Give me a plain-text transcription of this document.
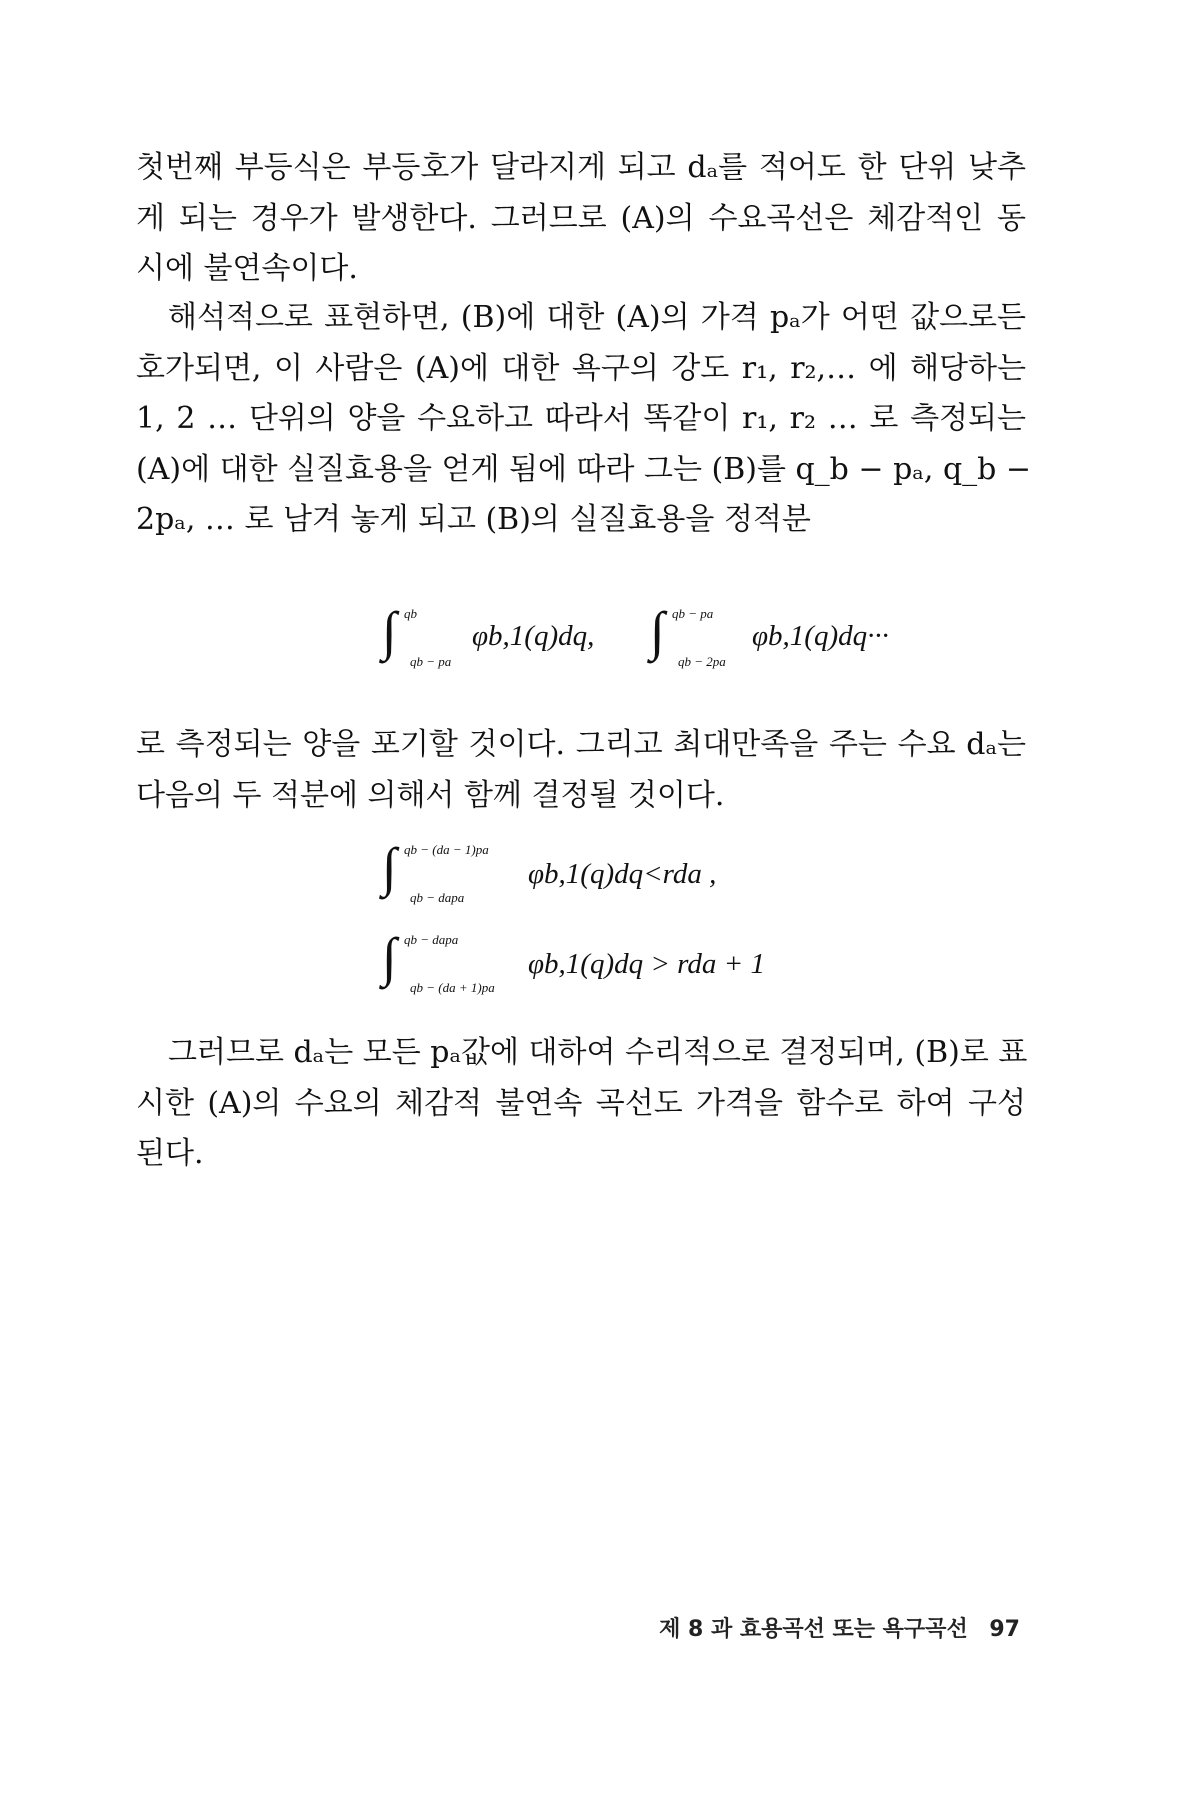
첫번째 부등식은 부등호가 달라지게 되고 dₐ를 적어도 한 단위 낮추
게 되는 경우가 발생한다. 그러므로 (A)의 수요곡선은 체감적인 동
시에 불연속이다.
해석적으로 표현하면, (B)에 대한 (A)의 가격 pₐ가 어떤 값으로든
호가되면, 이 사람은 (A)에 대한 욕구의 강도 r₁, r₂,… 에 해당하는
1, 2 … 단위의 양을 수요하고 따라서 똑같이 r₁, r₂ … 로 측정되는
(A)에 대한 실질효용을 얻게 됨에 따라 그는 (B)를 q_b − pₐ, q_b −
2pₐ, … 로 남겨 놓게 되고 (B)의 실질효용을 정적분
∫ qb
qb − pa
φb,1(q)dq, ∫ qb − pa
qb − 2pa
φb,1(q)dq···
로 측정되는 양을 포기할 것이다. 그리고 최대만족을 주는 수요 dₐ는
다음의 두 적분에 의해서 함께 결정될 것이다.
∫ qb − (da − 1)pa
qb − dapa
φb,1(q)dq<rda ,
∫ qb − dapa
qb − (da + 1)pa
φb,1(q)dq > rda + 1
그러므로 dₐ는 모든 pₐ값에 대하여 수리적으로 결정되며, (B)로 표
시한 (A)의 수요의 체감적 불연속 곡선도 가격을 함수로 하여 구성
된다.
제 8 과 효용곡선 또는 욕구곡선 97
